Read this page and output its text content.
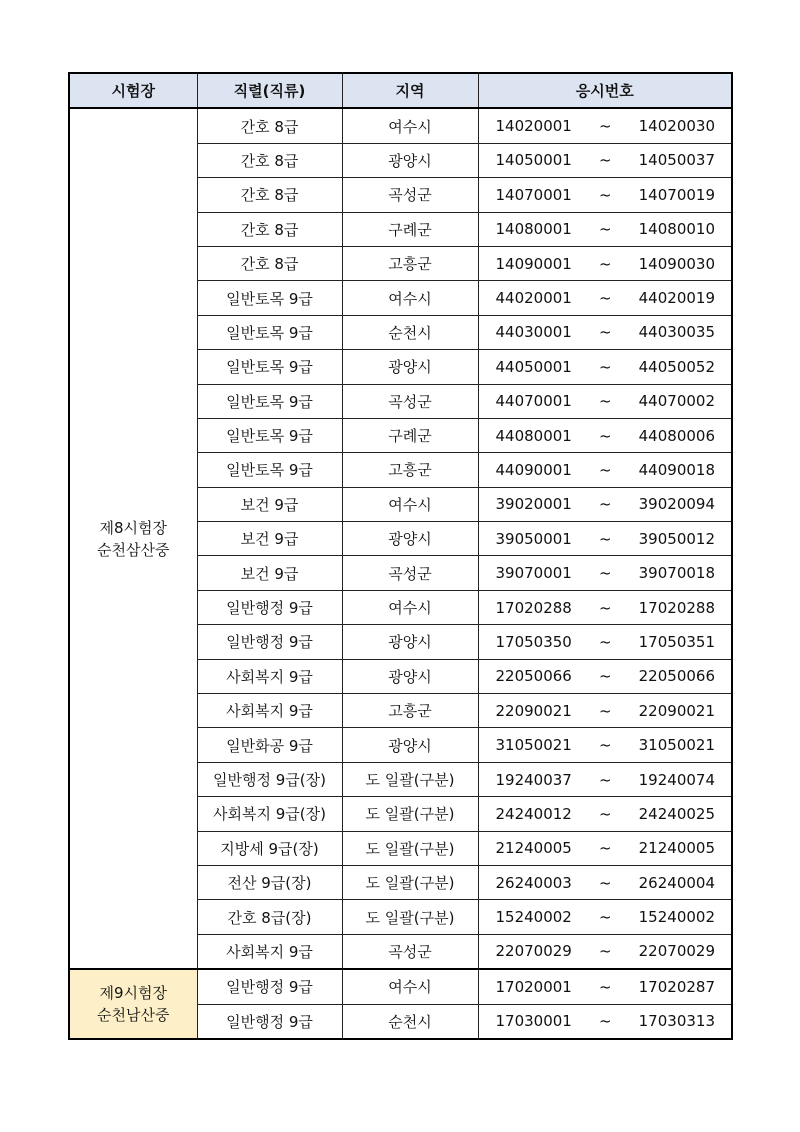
시험장	직렬(직류)	지역	응시번호

제8시험장
순천삼산중	간호 8급	여수시	14020001 ~ 14020030

	간호 8급	광양시	14050001 ~ 14050037

	간호 8급	곡성군	14070001 ~ 14070019

	간호 8급	구례군	14080001 ~ 14080010

	간호 8급	고흥군	14090001 ~ 14090030

	일반토목 9급	여수시	44020001 ~ 44020019

	일반토목 9급	순천시	44030001 ~ 44030035

	일반토목 9급	광양시	44050001 ~ 44050052

	일반토목 9급	곡성군	44070001 ~ 44070002

	일반토목 9급	구례군	44080001 ~ 44080006

	일반토목 9급	고흥군	44090001 ~ 44090018

	보건 9급	여수시	39020001 ~ 39020094

	보건 9급	광양시	39050001 ~ 39050012

	보건 9급	곡성군	39070001 ~ 39070018

	일반행정 9급	여수시	17020288 ~ 17020288

	일반행정 9급	광양시	17050350 ~ 17050351

	사회복지 9급	광양시	22050066 ~ 22050066

	사회복지 9급	고흥군	22090021 ~ 22090021

	일반화공 9급	광양시	31050021 ~ 31050021

	일반행정 9급(장)	도 일괄(구분)	19240037 ~ 19240074

	사회복지 9급(장)	도 일괄(구분)	24240012 ~ 24240025

	지방세 9급(장)	도 일괄(구분)	21240005 ~ 21240005

	전산 9급(장)	도 일괄(구분)	26240003 ~ 26240004

	간호 8급(장)	도 일괄(구분)	15240002 ~ 15240002

	사회복지 9급	곡성군	22070029 ~ 22070029

제9시험장
순천남산중	일반행정 9급	여수시	17020001 ~ 17020287

	일반행정 9급	순천시	17030001 ~ 17030313
